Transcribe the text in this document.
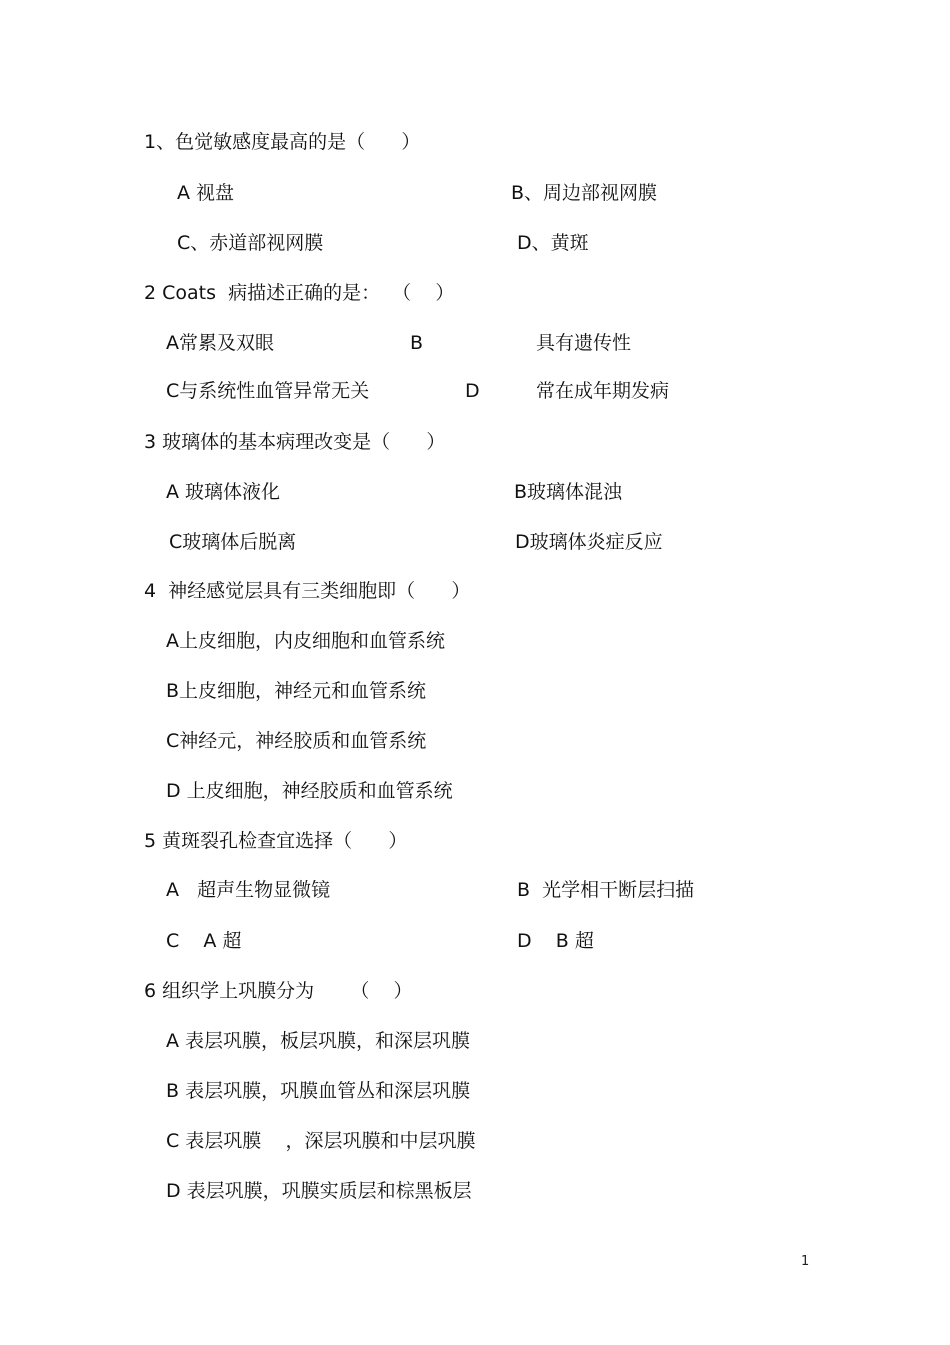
1、色觉敏感度最高的是（      ）
A 视盘	B、周边部视网膜
C、赤道部视网膜	D、黄斑
2 Coats  病描述正确的是：  （    ）
A常累及双眼	B	具有遗传性
C与系统性血管异常无关	D	常在成年期发病
3 玻璃体的基本病理改变是（      ）
A 玻璃体液化	B玻璃体混浊
C玻璃体后脱离	D玻璃体炎症反应
4  神经感觉层具有三类细胞即（      ）
A上皮细胞，内皮细胞和血管系统
B上皮细胞，神经元和血管系统
C神经元，神经胶质和血管系统
D 上皮细胞，神经胶质和血管系统
5 黄斑裂孔检查宜选择（      ）
A   超声生物显微镜	B  光学相干断层扫描
C    A 超	D    B 超
6 组织学上巩膜分为      （    ）
A 表层巩膜，板层巩膜，和深层巩膜
B 表层巩膜，巩膜血管丛和深层巩膜
C 表层巩膜    ，深层巩膜和中层巩膜
D 表层巩膜，巩膜实质层和棕黑板层
1
